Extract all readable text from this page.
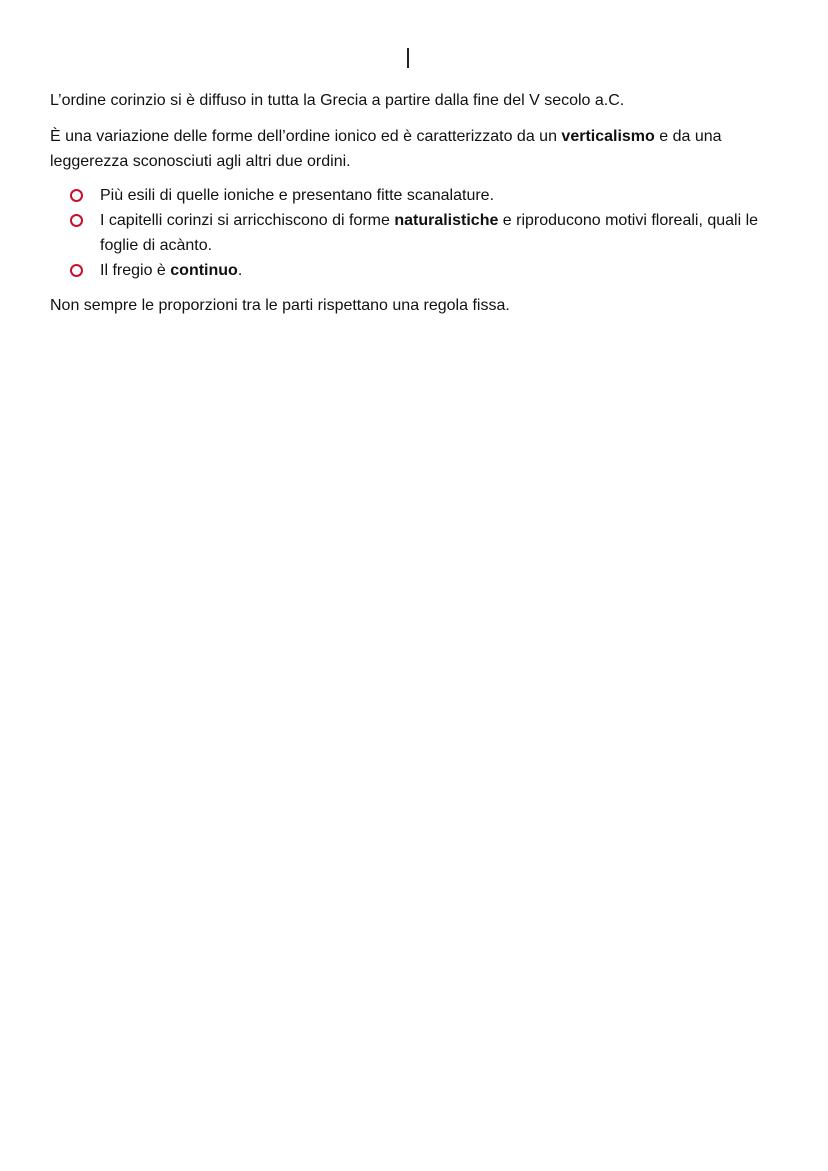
L’ordine corinzio si è diffuso in tutta la Grecia a partire dalla fine del V secolo a.C.

È una variazione delle forme dell’ordine ionico ed è caratterizzato da un verticalismo e da una leggerezza sconosciuti agli altri due ordini.

Più esili di quelle ioniche e presentano fitte scanalature.
I capitelli corinzi si arricchiscono di forme naturalistiche e riproducono motivi floreali, quali le foglie di acànto.
Il fregio è continuo.

Non sempre le proporzioni tra le parti rispettano una regola fissa.
